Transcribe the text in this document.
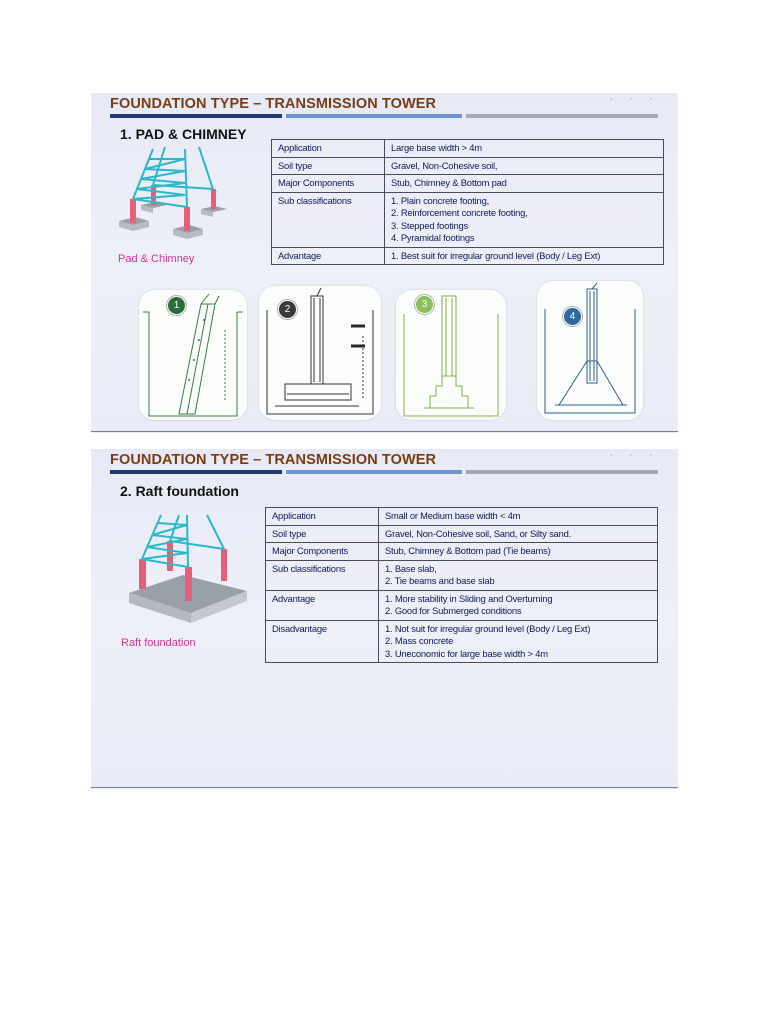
FOUNDATION TYPE – TRANSMISSION TOWER	• • •
1. PAD & CHIMNEY
Pad & Chimney
Application	Large base width > 4m
Soil type	Gravel, Non-Cohesive soil,
Major Components	Stub, Chimney & Bottom pad
Sub classifications	1. Plain concrete footing,
2. Reinforcement concrete footing,
3. Stepped footings
4. Pyramidal footings

Advantage	1. Best suit for irregular ground level (Body / Leg Ext)
1	2	3
4
FOUNDATION TYPE – TRANSMISSION TOWER	• • •
2. Raft foundation
Raft foundation
Application	Small or Medium base width < 4m
Soil type	Gravel, Non-Cohesive soil, Sand, or Silty sand.
Major Components	Stub, Chimney & Bottom pad (Tie beams)
Sub classifications	1. Base slab,
2. Tie beams and base slab

Advantage	1. More stability in Sliding and Overturning
2. Good for Submerged conditions

Disadvantage	1. Not suit for irregular ground level (Body / Leg Ext)
2. Mass concrete
3. Uneconomic for large base width > 4m
